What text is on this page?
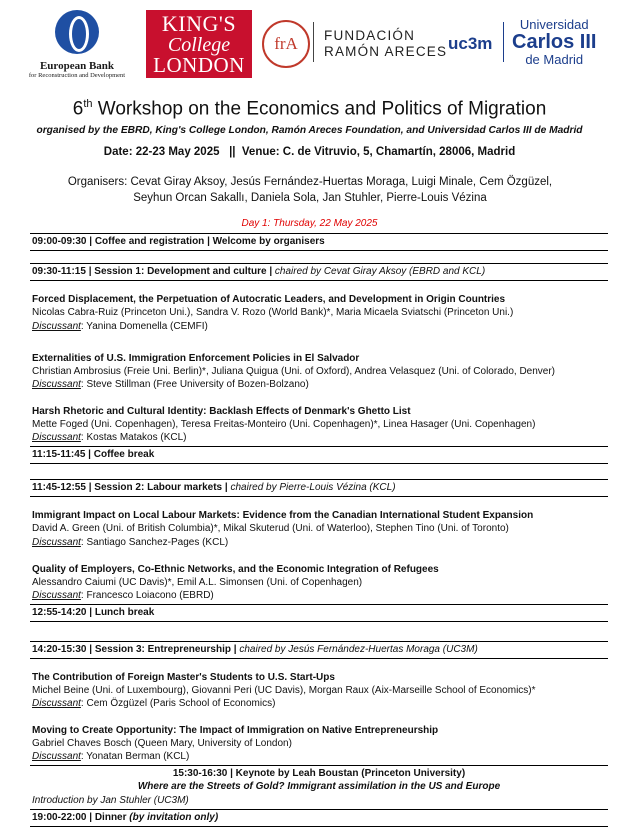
European Bank
for Reconstruction and Development
KING'S
College
LONDON
frA	FUNDACIÓN
RAMÓN ARECES uc3m
Universidad
Carlos III
de Madrid
6th Workshop on the Economics and Politics of Migration
organised by the EBRD, King's College London, Ramón Areces Foundation, and Universidad Carlos III de Madrid
Date: 22-23 May 2025   ||  Venue: C. de Vitruvio, 5, Chamartín, 28006, Madrid
Organisers: Cevat Giray Aksoy, Jesús Fernández-Huertas Moraga, Luigi Minale, Cem Özgüzel,
Seyhun Orcan Sakallı, Daniela Sola, Jan Stuhler, Pierre-Louis Vézina
Day 1: Thursday, 22 May 2025
09:00-09:30 | Coffee and registration | Welcome by organisers
09:30-11:15 | Session 1: Development and culture | chaired by Cevat Giray Aksoy (EBRD and KCL)
Forced Displacement, the Perpetuation of Autocratic Leaders, and Development in Origin Countries
Nicolas Cabra-Ruiz (Princeton Uni.), Sandra V. Rozo (World Bank)*, Maria Micaela Sviatschi (Princeton Uni.)
Discussant: Yanina Domenella (CEMFI)
Externalities of U.S. Immigration Enforcement Policies in El Salvador
Christian Ambrosius (Freie Uni. Berlin)*, Juliana Quigua (Uni. of Oxford), Andrea Velasquez (Uni. of Colorado, Denver)
Discussant: Steve Stillman (Free University of Bozen-Bolzano)
Harsh Rhetoric and Cultural Identity: Backlash Effects of Denmark's Ghetto List
Mette Foged (Uni. Copenhagen), Teresa Freitas-Monteiro (Uni. Copenhagen)*, Linea Hasager (Uni. Copenhagen)
Discussant: Kostas Matakos (KCL)
11:15-11:45 | Coffee break
11:45-12:55 | Session 2: Labour markets | chaired by Pierre-Louis Vézina (KCL)
Immigrant Impact on Local Labour Markets: Evidence from the Canadian International Student Expansion
David A. Green (Uni. of British Columbia)*, Mikal Skuterud (Uni. of Waterloo), Stephen Tino (Uni. of Toronto)
Discussant: Santiago Sanchez-Pages (KCL)
Quality of Employers, Co-Ethnic Networks, and the Economic Integration of Refugees
Alessandro Caiumi (UC Davis)*, Emil A.L. Simonsen (Uni. of Copenhagen)
Discussant: Francesco Loiacono (EBRD)
12:55-14:20 | Lunch break
14:20-15:30 | Session 3: Entrepreneurship | chaired by Jesús Fernández-Huertas Moraga (UC3M)
The Contribution of Foreign Master's Students to U.S. Start-Ups
Michel Beine (Uni. of Luxembourg), Giovanni Peri (UC Davis), Morgan Raux (Aix-Marseille School of Economics)*
Discussant: Cem Özgüzel (Paris School of Economics)
Moving to Create Opportunity: The Impact of Immigration on Native Entrepreneurship
Gabriel Chaves Bosch (Queen Mary, University of London)
Discussant: Yonatan Berman (KCL)
15:30-16:30 | Keynote by Leah Boustan (Princeton University)
Where are the Streets of Gold? Immigrant assimilation in the US and Europe
Introduction by Jan Stuhler (UC3M)
19:00-22:00 | Dinner (by invitation only)
